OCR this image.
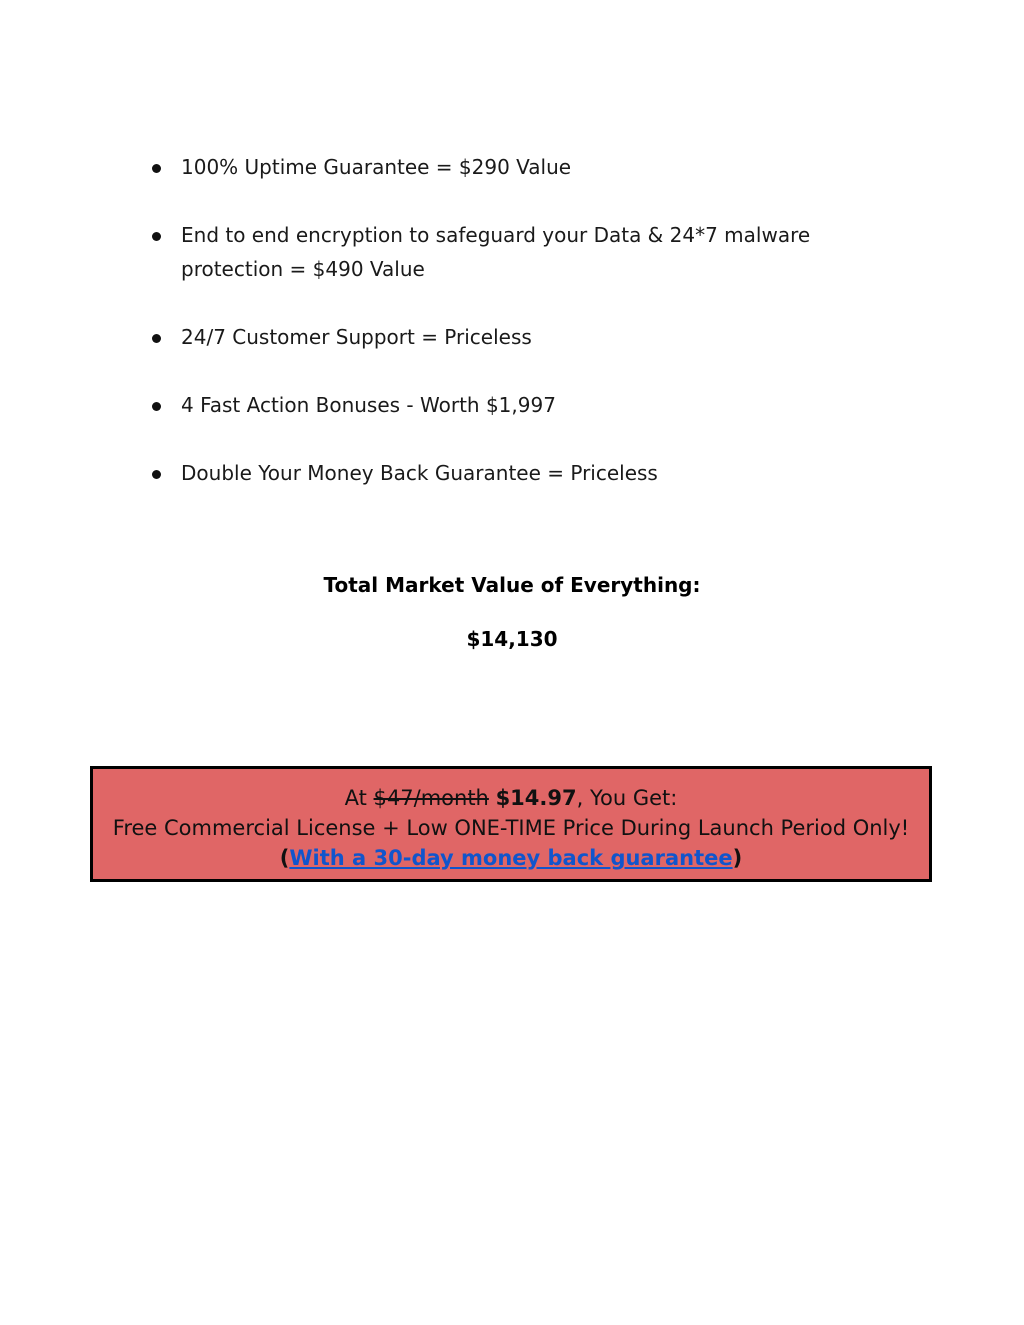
100% Uptime Guarantee = $290 Value
End to end encryption to safeguard your Data & 24*7 malware protection = $490 Value
24/7 Customer Support = Priceless
4 Fast Action Bonuses - Worth $1,997
Double Your Money Back Guarantee = Priceless
Total Market Value of Everything:
$14,130
At $47/month $14.97, You Get:
Free Commercial License + Low ONE-TIME Price During Launch Period Only!
(With a 30-day money back guarantee)
